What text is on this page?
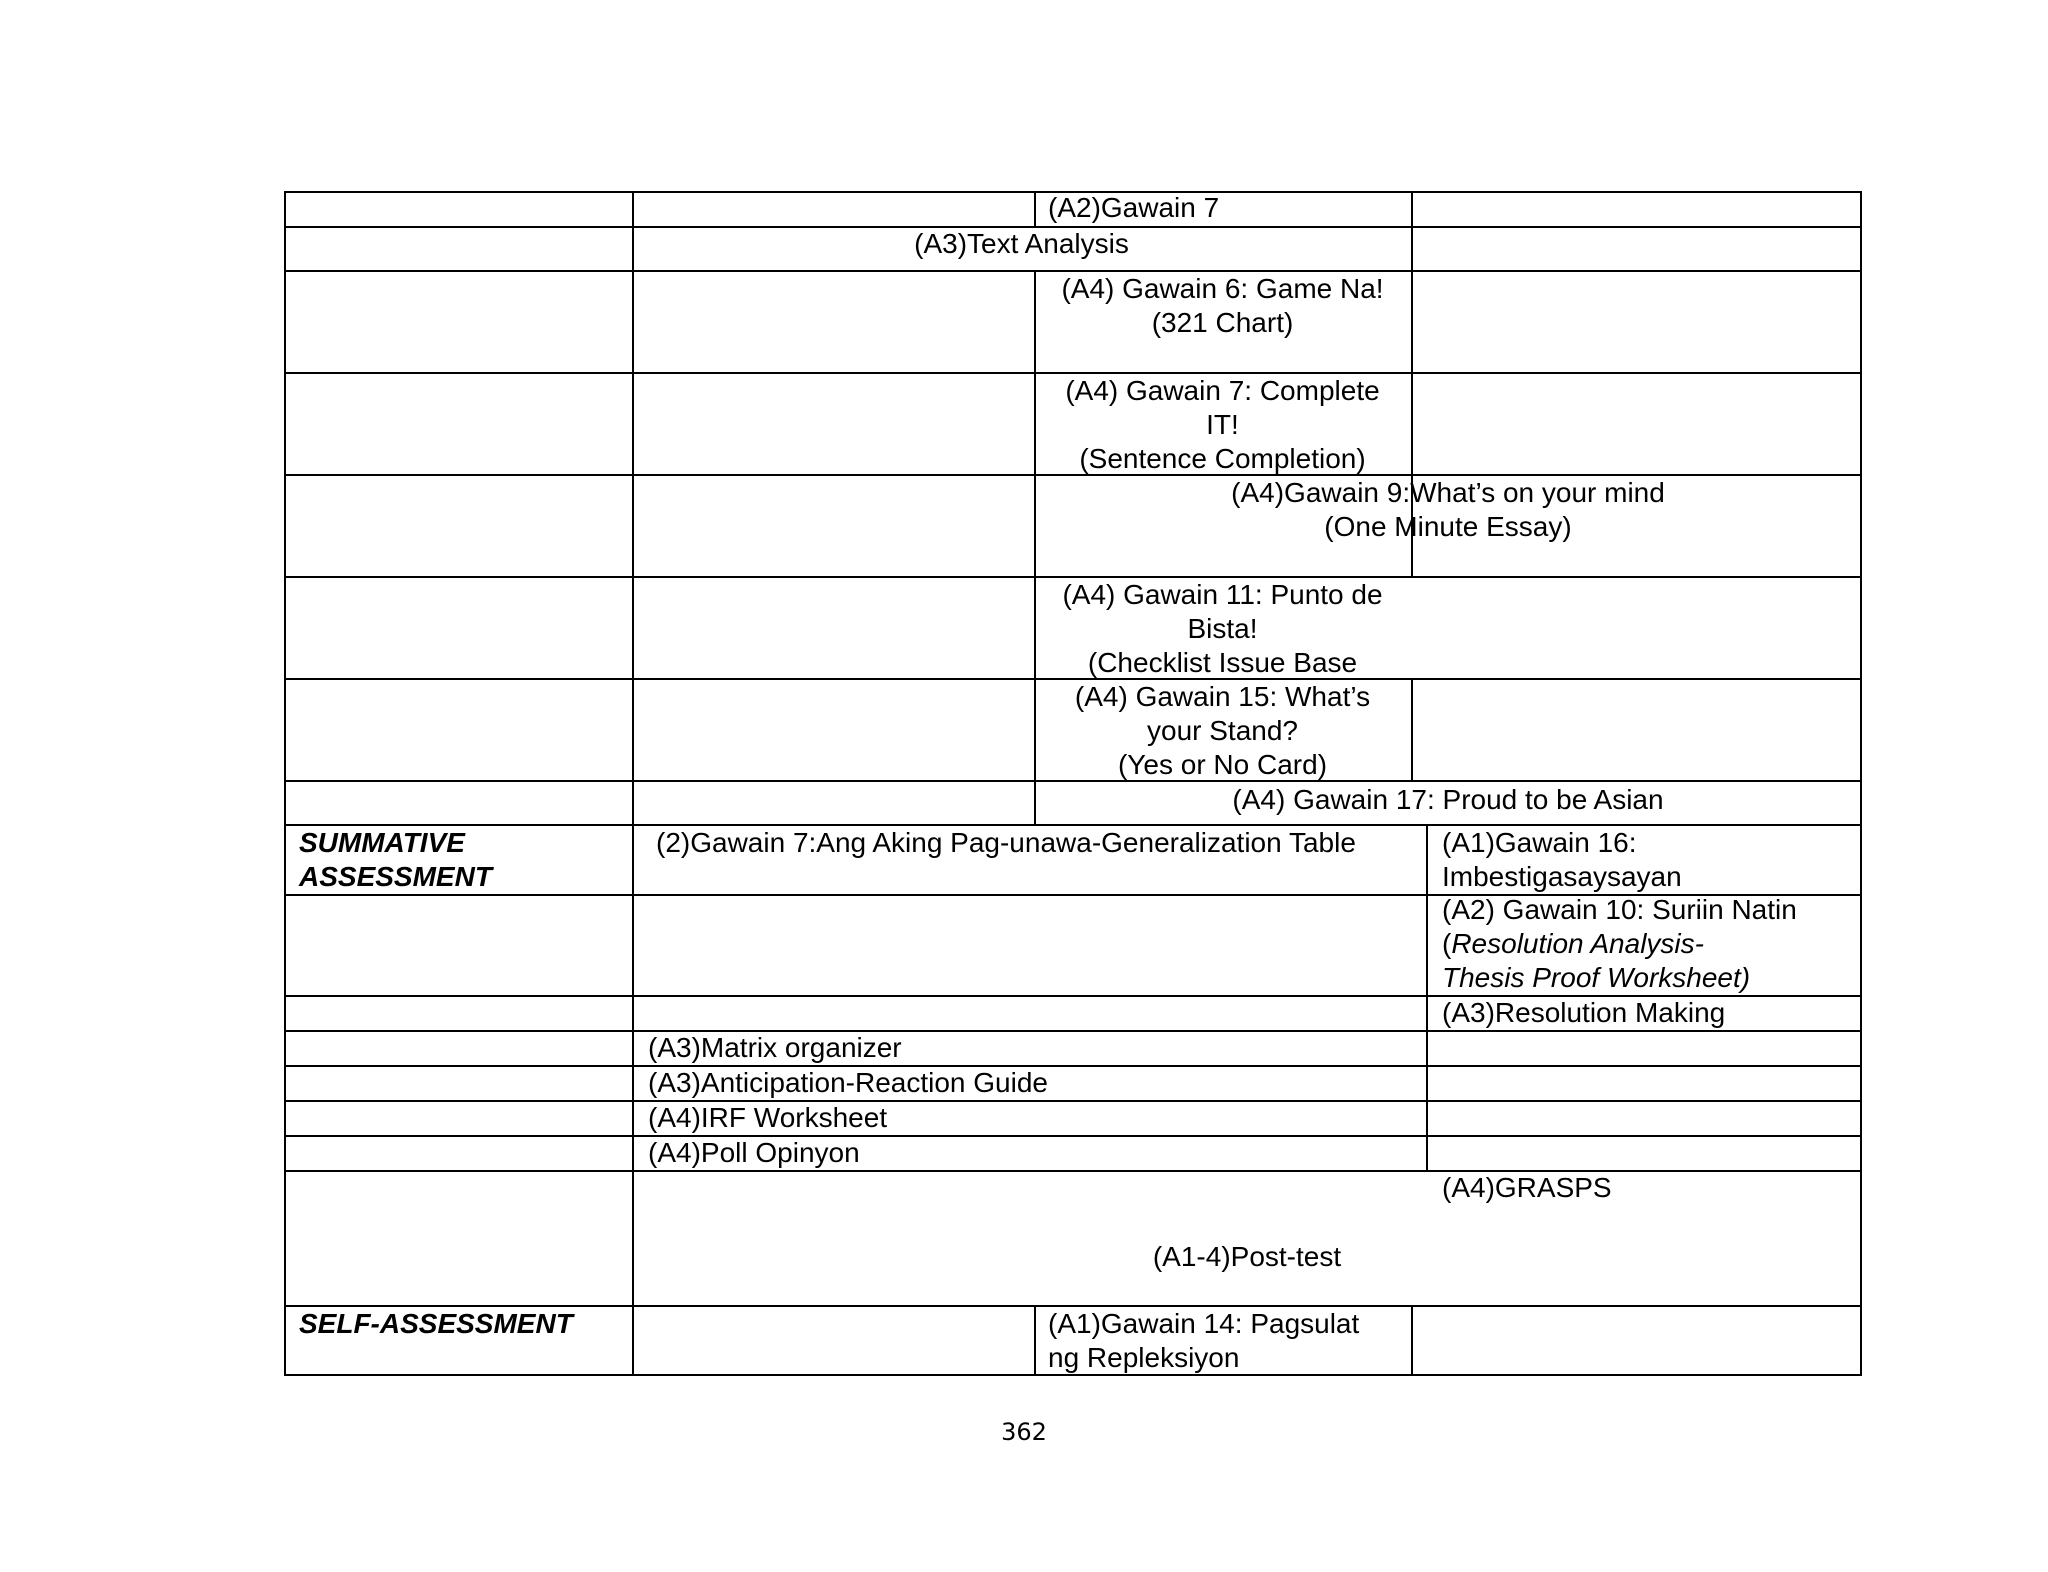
(A2)Gawain 7
(A3)Text Analysis
(A4) Gawain 6: Game Na!
(321 Chart)
(A4) Gawain 7: Complete
IT!
(Sentence Completion)
(A4)Gawain 9:What’s on your mind
(One Minute Essay)
(A4) Gawain 11: Punto de
Bista!
(Checklist Issue Base
(A4) Gawain 15: What’s
your Stand?
(Yes or No Card)
(A4) Gawain 17: Proud to be Asian
SUMMATIVE
ASSESSMENT
(2)Gawain 7:Ang Aking Pag-unawa-Generalization Table	(A1)Gawain 16:
Imbestigasaysayan
(A2) Gawain 10: Suriin Natin
(Resolution Analysis-
Thesis Proof Worksheet)
(A3)Resolution Making
(A3)Matrix organizer
(A3)Anticipation-Reaction Guide
(A4)IRF Worksheet
(A4)Poll Opinyon
(A4)GRASPS
(A1-4)Post-test
SELF-ASSESSMENT	(A1)Gawain 14: Pagsulat
ng Repleksiyon
362
